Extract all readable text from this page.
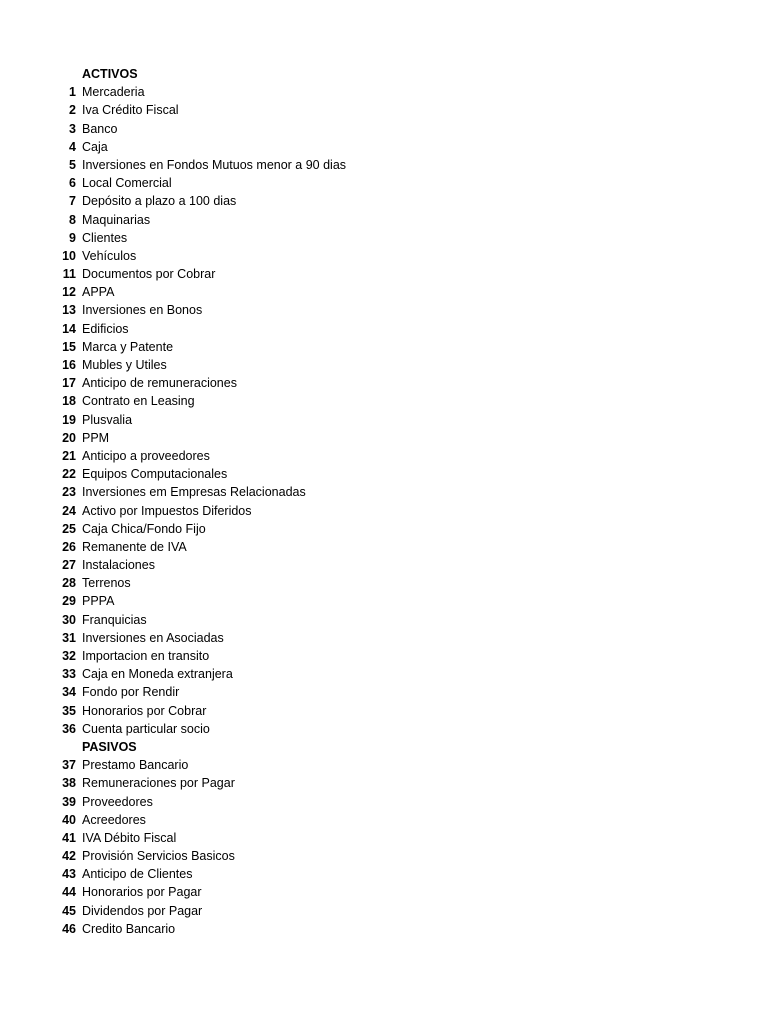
ACTIVOS
1 Mercaderia
2 Iva Crédito Fiscal
3 Banco
4 Caja
5 Inversiones en Fondos Mutuos menor a 90 dias
6 Local Comercial
7 Depósito a plazo a 100 dias
8 Maquinarias
9 Clientes
10 Vehículos
11 Documentos por Cobrar
12 APPA
13 Inversiones en Bonos
14 Edificios
15 Marca y Patente
16 Mubles y Utiles
17 Anticipo de remuneraciones
18 Contrato en Leasing
19 Plusvalia
20 PPM
21 Anticipo a proveedores
22 Equipos Computacionales
23 Inversiones em Empresas Relacionadas
24 Activo por Impuestos Diferidos
25 Caja Chica/Fondo Fijo
26 Remanente de IVA
27 Instalaciones
28 Terrenos
29 PPPA
30 Franquicias
31 Inversiones en Asociadas
32 Importacion en transito
33 Caja en Moneda extranjera
34 Fondo por Rendir
35 Honorarios por Cobrar
36 Cuenta particular socio
PASIVOS
37 Prestamo Bancario
38 Remuneraciones por Pagar
39 Proveedores
40 Acreedores
41 IVA Débito Fiscal
42 Provisión Servicios Basicos
43 Anticipo de Clientes
44 Honorarios por Pagar
45 Dividendos por Pagar
46 Credito Bancario
